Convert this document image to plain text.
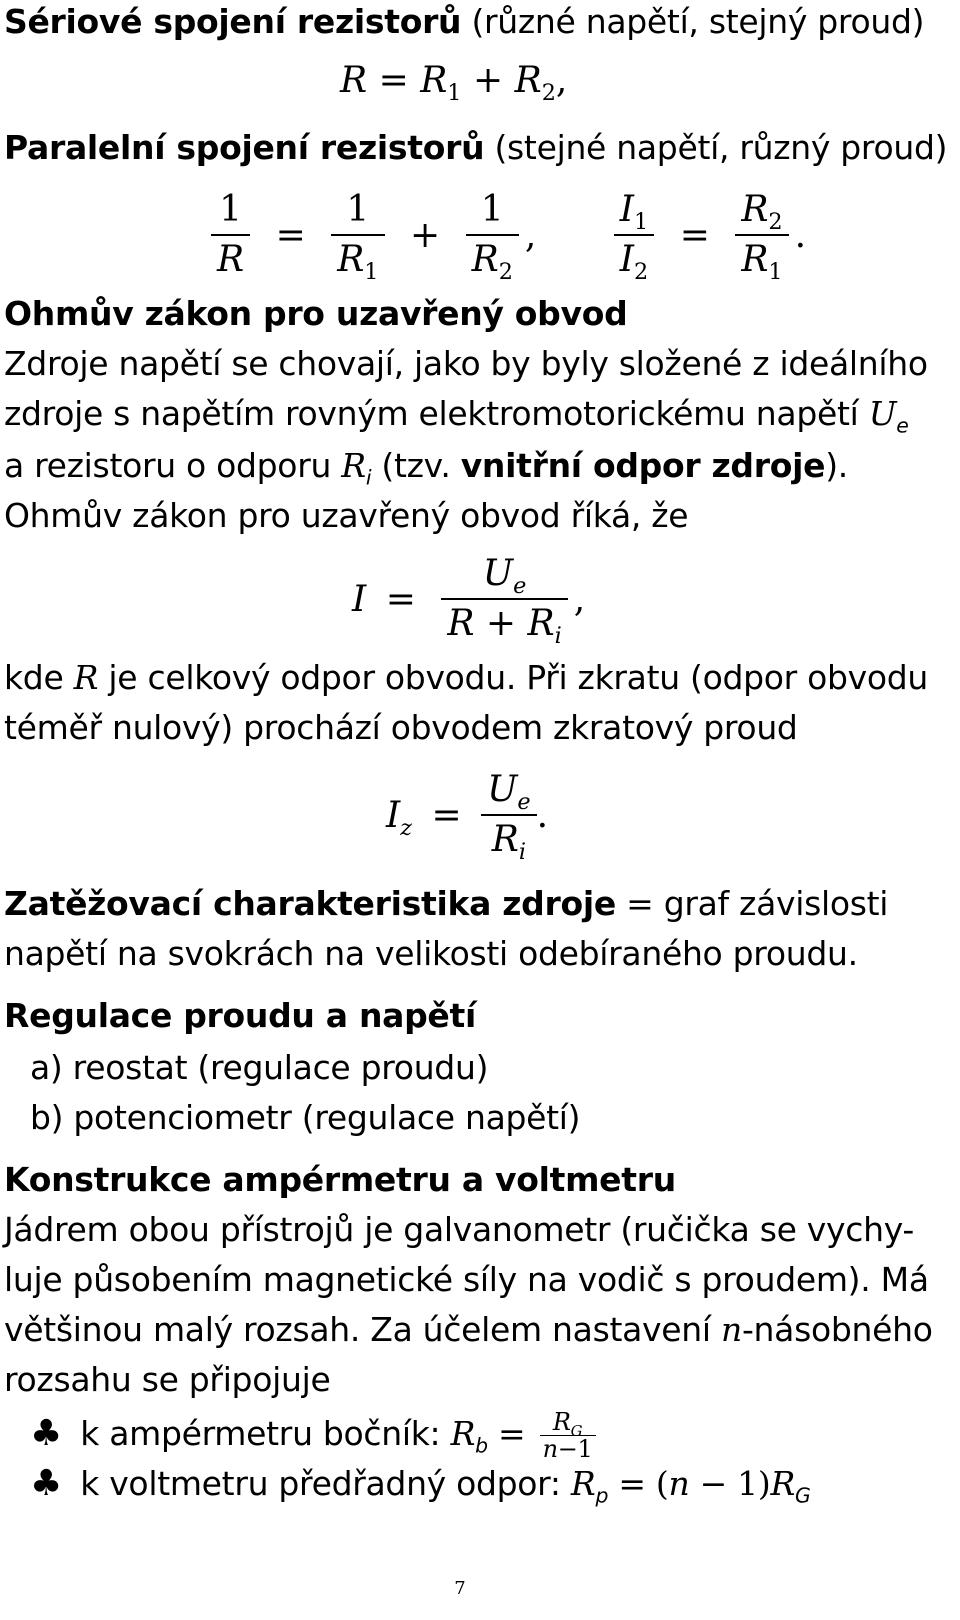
Sériové spojení rezistorů (různé napětí, stejný proud)
$R = R_1 + R_2$,
Paralelní spojení rezistorů (stejné napětí, různý proud)
$\frac{1}{R} = \frac{1}{R_1} + \frac{1}{R_2}$ , $\frac{I_1}{I_2} = \frac{R_2}{R_1}$ .
Ohmův zákon pro uzavřený obvod
Zdroje napětí se chovají, jako by byly složené z ideálního
zdroje s napětím rovným elektromotorickému napětí $U_e$
a rezistoru o odporu $R_i$ (tzv. vnitřní odpor zdroje).
Ohmův zákon pro uzavřený obvod říká, že
$I = \frac{U_e}{R + R_i}$ ,
kde R je celkový odpor obvodu. Při zkratu (odpor obvodu
téměř nulový) prochází obvodem zkratový proud
$I_z = \frac{U_e}{R_i}$ .
Zatěžovací charakteristika zdroje = graf závislosti
napětí na svokrách na velikosti odebíraného proudu.
Regulace proudu a napětí
a) reostat (regulace proudu)
b) potenciometr (regulace napětí)
Konstrukce ampérmetru a voltmetru
Jádrem obou přístrojů je galvanometr (ručička se vychy-
luje působením magnetické síly na vodič s proudem). Má
většinou malý rozsah. Za účelem nastavení n-násobného
rozsahu se připojuje
♣ k ampérmetru bočník: $R_b = \frac{R_G}{n-1}$
♣ k voltmetru předřadný odpor: $R_p = (n - 1)R_G$
7
